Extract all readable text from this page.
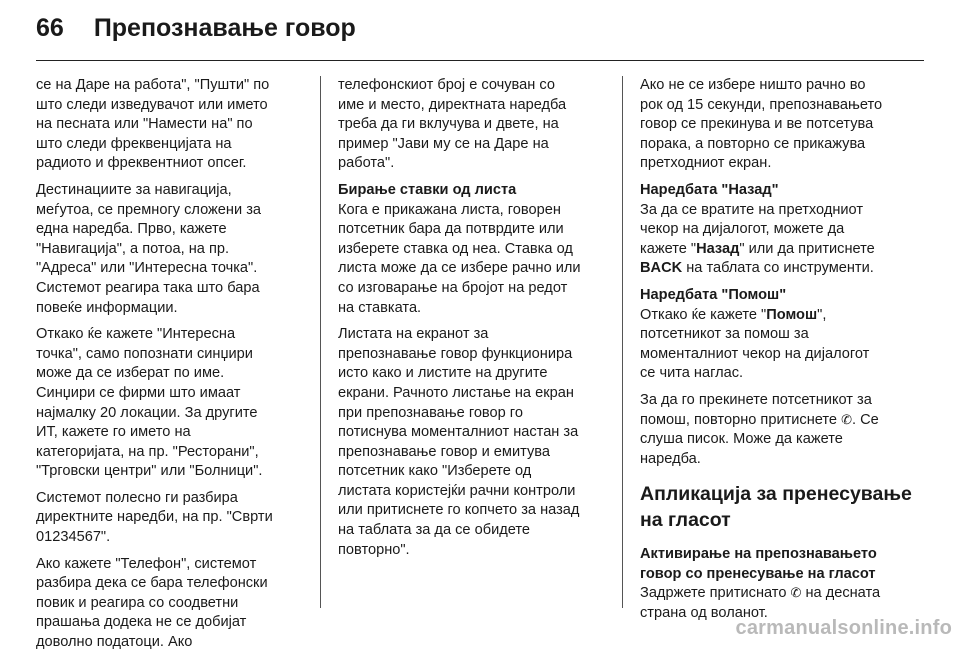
66 Препознавање говор

се на Даре на работа", "Пушти" по
што следи изведувачот или името
на песната или "Намести на" по
што следи фреквенцијата на
радиото и фреквентниот опсег.

Дестинациите за навигација,
меѓутоа, се премногу сложени за
една наредба. Прво, кажете
"Навигација", а потоа, на пр.
"Адреса" или "Интересна точка".
Системот реагира така што бара
повеќе информации.

Откако ќе кажете "Интересна
точка", само попознати синџири
може да се изберат по име.
Синџири се фирми што имаат
најмалку 20 локации. За другите
ИТ, кажете го името на
категоријата, на пр. "Ресторани",
"Трговски центри" или "Болници".

Системот полесно ги разбира
директните наредби, на пр. "Сврти
01234567".

Ако кажете "Телефон", системот
разбира дека се бара телефонски
повик и реагира со соодветни
прашања додека не се добијат
доволно податоци. Ако

телефонскиот број е сочуван со
име и место, директната наредба
треба да ги вклучува и двете, на
пример "Јави му се на Даре на
работа".

Бирање ставки од листа
Кога е прикажана листа, говорен
потсетник бара да потврдите или
изберете ставка од неа. Ставка од
листа може да се избере рачно или
со изговарање на бројот на редот
на ставката.

Листата на екранот за
препознавање говор функционира
исто како и листите на другите
екрани. Рачното листање на екран
при препознавање говор го
потиснува моменталниот настан за
препознавање говор и емитува
потсетник како "Изберете од
листата користејќи рачни контроли
или притиснете го копчето за назад
на таблата за да се обидете
повторно".

Ако не се избере ништо рачно во
рок од 15 секунди, препознавањето
говор се прекинува и ве потсетува
порака, а повторно се прикажува
претходниот екран.

Наредбата "Назад"
За да се вратите на претходниот
чекор на дијалогот, можете да
кажете "Назад" или да притиснете
BACK на таблата со инструменти.

Наредбата "Помош"
Откако ќе кажете "Помош",
потсетникот за помош за
моменталниот чекор на дијалогот
се чита наглас.

За да го прекинете потсетникот за
помош, повторно притиснете ✆. Се
слуша писок. Може да кажете
наредба.

Апликација за пренесување
на гласот

Активирање на препознавањето
говор со пренесување на гласот
Задржете притиснато ✆ на десната
страна од воланот.

carmanualsonline.info
